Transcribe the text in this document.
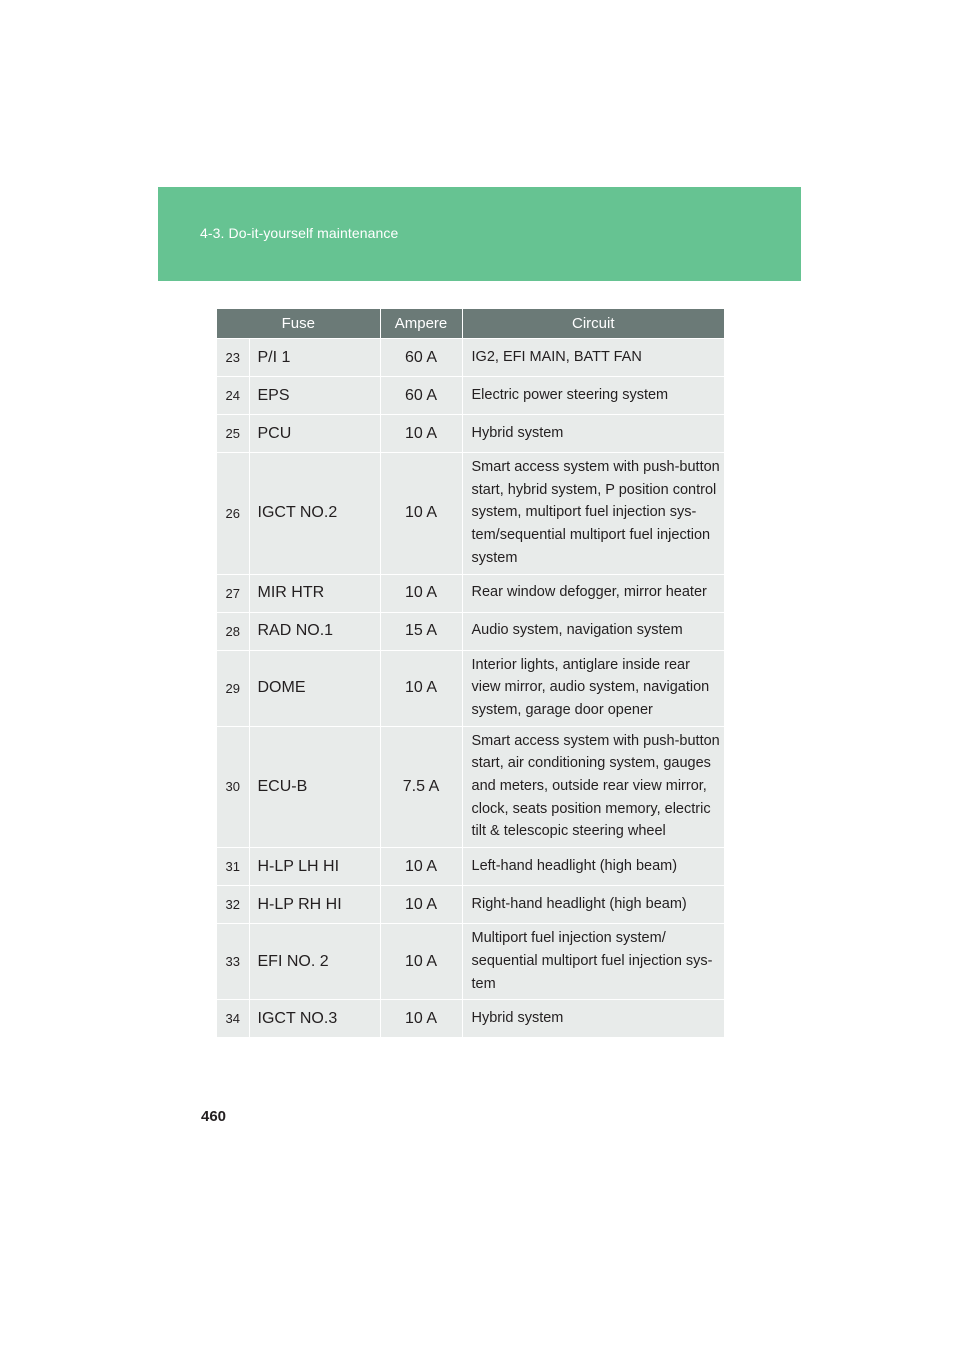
4-3. Do-it-yourself maintenance
Fuse		Ampere	Circuit
23	P/I 1	60 A	IG2, EFI MAIN, BATT FAN
24	EPS	60 A	Electric power steering system
25	PCU	10 A	Hybrid system
26	IGCT NO.2	10 A	Smart access system with push-button start, hybrid system, P position control system, multiport fuel injection sys-tem/sequential multiport fuel injection system
27	MIR HTR	10 A	Rear window defogger, mirror heater
28	RAD NO.1	15 A	Audio system, navigation system
29	DOME	10 A	Interior lights, antiglare inside rear view mirror, audio system, navigation system, garage door opener
30	ECU-B	7.5 A	Smart access system with push-button start, air conditioning system, gauges and meters, outside rear view mirror, clock, seats position memory, electric tilt & telescopic steering wheel
31	H-LP LH HI	10 A	Left-hand headlight (high beam)
32	H-LP RH HI	10 A	Right-hand headlight (high beam)
33	EFI NO. 2	10 A	Multiport fuel injection system/ sequential multiport fuel injection sys-tem
34	IGCT NO.3	10 A	Hybrid system
460
